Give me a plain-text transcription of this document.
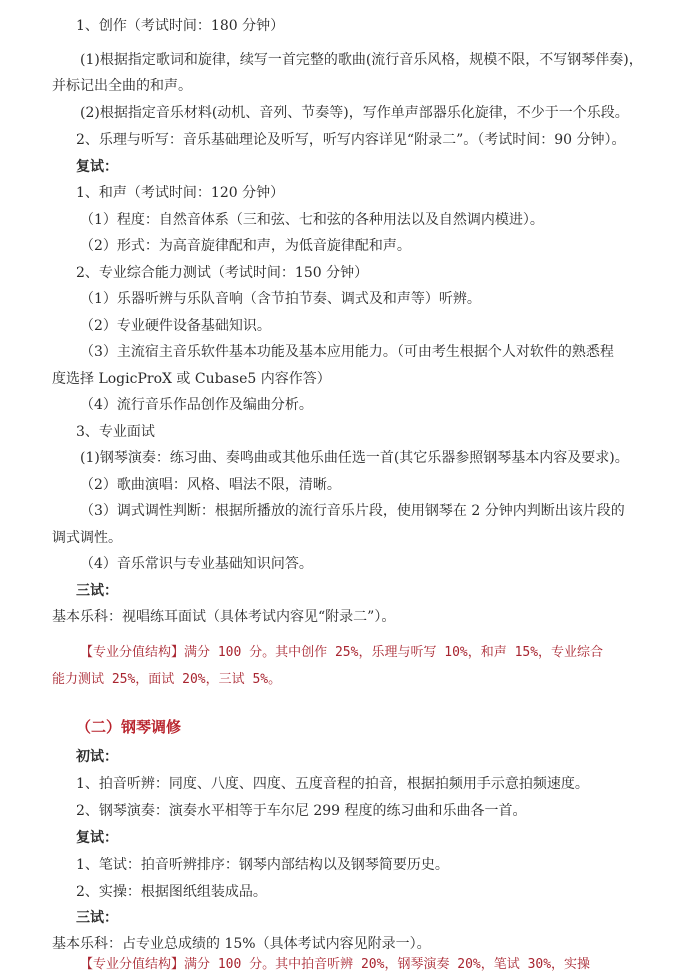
1、创作（考试时间：180 分钟）
(1)根据指定歌词和旋律，续写一首完整的歌曲(流行音乐风格，规模不限，不写钢琴伴奏)，
并标记出全曲的和声。
(2)根据指定音乐材料(动机、音列、节奏等)，写作单声部器乐化旋律，不少于一个乐段。
2、乐理与听写：音乐基础理论及听写，听写内容详见“附录二”。（考试时间：90 分钟）。
复试：
1、和声（考试时间：120 分钟）
（1）程度：自然音体系（三和弦、七和弦的各种用法以及自然调内模进）。
（2）形式：为高音旋律配和声，为低音旋律配和声。
2、专业综合能力测试（考试时间：150 分钟）
（1）乐器听辨与乐队音响（含节拍节奏、调式及和声等）听辨。
（2）专业硬件设备基础知识。
（3）主流宿主音乐软件基本功能及基本应用能力。（可由考生根据个人对软件的熟悉程
度选择 LogicProX 或 Cubase5 内容作答）
（4）流行音乐作品创作及编曲分析。
3、专业面试
(1)钢琴演奏：练习曲、奏鸣曲或其他乐曲任选一首(其它乐器参照钢琴基本内容及要求)。
（2）歌曲演唱：风格、唱法不限，清晰。
（3）调式调性判断：根据所播放的流行音乐片段，使用钢琴在 2 分钟内判断出该片段的
调式调性。
（4）音乐常识与专业基础知识问答。
三试：
基本乐科：视唱练耳面试（具体考试内容见“附录二”）。
【专业分值结构】满分 100 分。其中创作 25%，乐理与听写 10%，和声 15%，专业综合
能力测试 25%，面试 20%，三试 5%。
（二）钢琴调修
初试：
1、拍音听辨：同度、八度、四度、五度音程的拍音，根据拍频用手示意拍频速度。
2、钢琴演奏：演奏水平相等于车尔尼 299 程度的练习曲和乐曲各一首。
复试：
1、笔试：拍音听辨排序：钢琴内部结构以及钢琴简要历史。
2、实操：根据图纸组装成品。
三试：
基本乐科：占专业总成绩的 15%（具体考试内容见附录一）。
【专业分值结构】满分 100 分。其中拍音听辨 20%，钢琴演奏 20%，笔试 30%，实操
